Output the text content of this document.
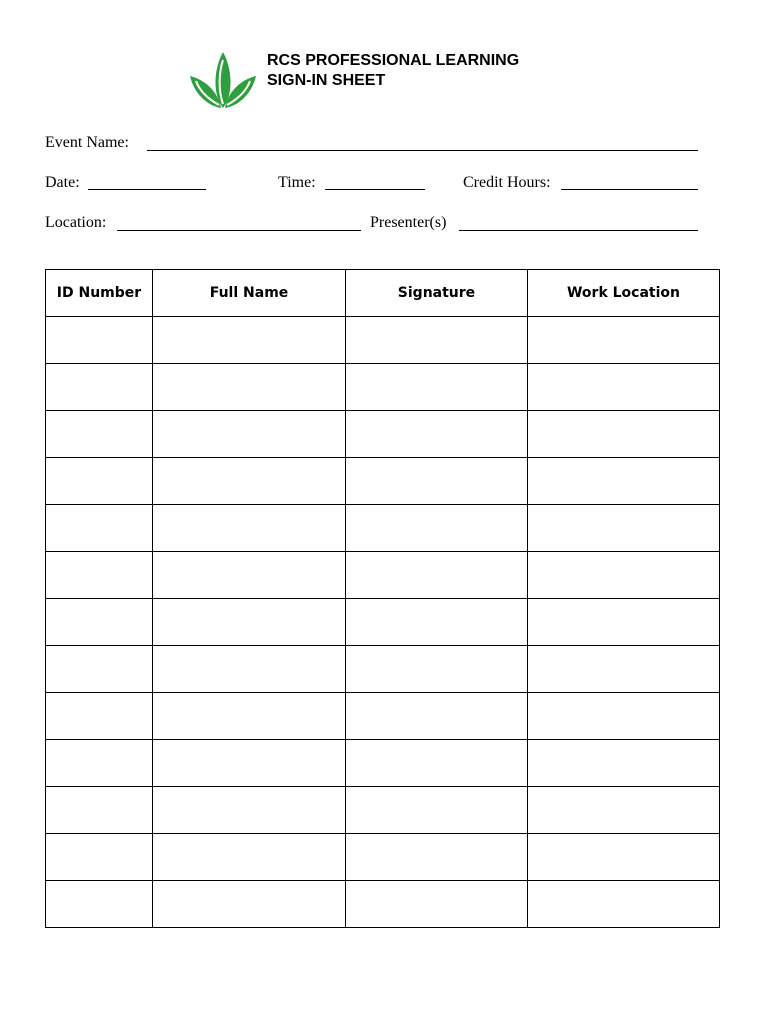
RCS PROFESSIONAL LEARNING
SIGN-IN SHEET
Event Name:
Date:	Time:	Credit Hours:
Location:	Presenter(s)
ID Number	Full Name	Signature	Work Location
